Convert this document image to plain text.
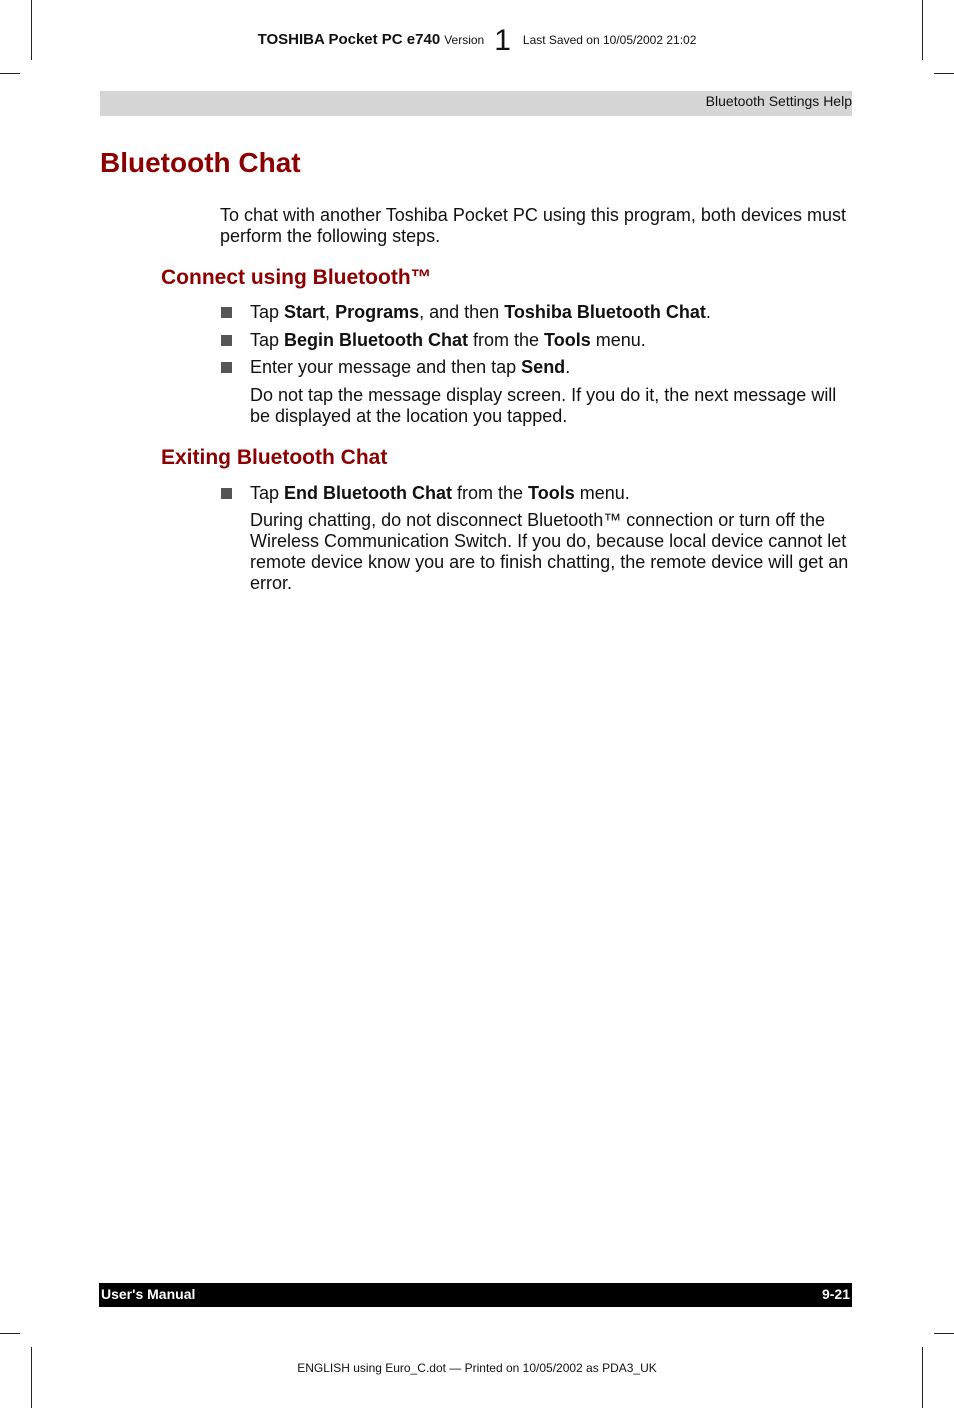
TOSHIBA Pocket PC e740 Version 1 Last Saved on 10/05/2002 21:02
Bluetooth Settings Help
Bluetooth Chat

To chat with another Toshiba Pocket PC using this program, both devices must perform the following steps.

Connect using Bluetooth™
Tap Start, Programs, and then Toshiba Bluetooth Chat.
Tap Begin Bluetooth Chat from the Tools menu.
Enter your message and then tap Send.

Do not tap the message display screen. If you do it, the next message will be displayed at the location you tapped.

Exiting Bluetooth Chat
Tap End Bluetooth Chat from the Tools menu.

During chatting, do not disconnect Bluetooth™ connection or turn off the Wireless Communication Switch. If you do, because local device cannot let remote device know you are to finish chatting, the remote device will get an error.

User's Manual	9-21
ENGLISH using Euro_C.dot — Printed on 10/05/2002 as PDA3_UK
